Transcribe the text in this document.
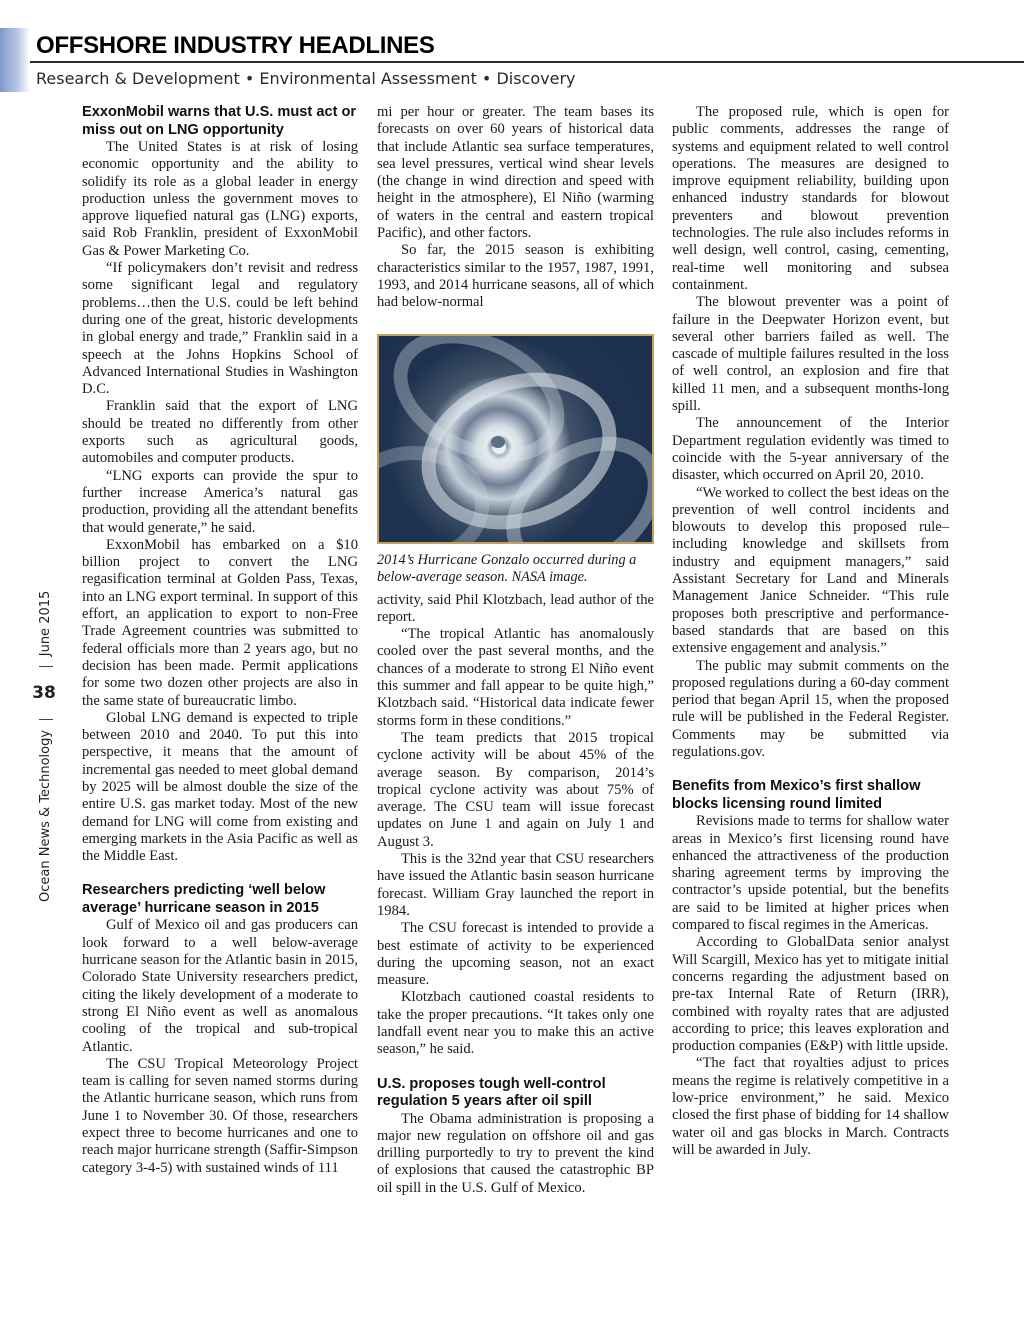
OFFSHORE INDUSTRY HEADLINES
Research & Development • Environmental Assessment • Discovery
Ocean News & Technology38June 2015
ExxonMobil warns that U.S. must act or miss out on LNG opportunity

The United States is at risk of losing economic opportunity and the ability to solidify its role as a global leader in energy production unless the government moves to approve liquefied natural gas (LNG) exports, said Rob Franklin, president of ExxonMobil Gas & Power Marketing Co.

“If policymakers don’t revisit and redress some significant legal and regulatory problems…then the U.S. could be left behind during one of the great, historic developments in global energy and trade,” Franklin said in a speech at the Johns Hopkins School of Advanced International Studies in Washington D.C.

Franklin said that the export of LNG should be treated no differently from other exports such as agricultural goods, automobiles and computer products.

“LNG exports can provide the spur to further increase America’s natural gas production, providing all the attendant benefits that would generate,” he said.

ExxonMobil has embarked on a $10 billion project to convert the LNG regasification terminal at Golden Pass, Texas, into an LNG export terminal. In support of this effort, an application to export to non-Free Trade Agreement countries was submitted to federal officials more than 2 years ago, but no decision has been made. Permit applications for some two dozen other projects are also in the same state of bureaucratic limbo.

Global LNG demand is expected to triple between 2010 and 2040. To put this into perspective, it means that the amount of incremental gas needed to meet global demand by 2025 will be almost double the size of the entire U.S. gas market today. Most of the new demand for LNG will come from existing and emerging markets in the Asia Pacific as well as the Middle East.

Researchers predicting ‘well below average’ hurricane season in 2015

Gulf of Mexico oil and gas producers can look forward to a well below-average hurricane season for the Atlantic basin in 2015, Colorado State University researchers predict, citing the likely development of a moderate to strong El Niño event as well as anomalous cooling of the tropical and sub-tropical Atlantic.

The CSU Tropical Meteorology Project team is calling for seven named storms during the Atlantic hurricane season, which runs from June 1 to November 30. Of those, researchers expect three to become hurricanes and one to reach major hurricane strength (Saffir-Simpson category 3-4-5) with sustained winds of 111

mi per hour or greater. The team bases its forecasts on over 60 years of historical data that include Atlantic sea surface temperatures, sea level pressures, vertical wind shear levels (the change in wind direction and speed with height in the atmosphere), El Niño (warming of waters in the central and eastern tropical Pacific), and other factors.

So far, the 2015 season is exhibiting characteristics similar to the 1957, 1987, 1991, 1993, and 2014 hurricane seasons, all of which had below-normal

2014’s Hurricane Gonzalo occurred during a below-average season. NASA image.

activity, said Phil Klotzbach, lead author of the report.

“The tropical Atlantic has anomalously cooled over the past several months, and the chances of a moderate to strong El Niño event this summer and fall appear to be quite high,” Klotzbach said. “Historical data indicate fewer storms form in these conditions.”

The team predicts that 2015 tropical cyclone activity will be about 45% of the average season. By comparison, 2014’s tropical cyclone activity was about 75% of average. The CSU team will issue forecast updates on June 1 and again on July 1 and August 3.

This is the 32nd year that CSU researchers have issued the Atlantic basin season hurricane forecast. William Gray launched the report in 1984.

The CSU forecast is intended to provide a best estimate of activity to be experienced during the upcoming season, not an exact measure.

Klotzbach cautioned coastal residents to take the proper precautions. “It takes only one landfall event near you to make this an active season,” he said.

U.S. proposes tough well-control regulation 5 years after oil spill

The Obama administration is proposing a major new regulation on offshore oil and gas drilling purportedly to try to prevent the kind of explosions that caused the catastrophic BP oil spill in the U.S. Gulf of Mexico.

The proposed rule, which is open for public comments, addresses the range of systems and equipment related to well control operations. The measures are designed to improve equipment reliability, building upon enhanced industry standards for blowout preventers and blowout prevention technologies. The rule also includes reforms in well design, well control, casing, cementing, real-time well monitoring and subsea containment.

The blowout preventer was a point of failure in the Deepwater Horizon event, but several other barriers failed as well. The cascade of multiple failures resulted in the loss of well control, an explosion and fire that killed 11 men, and a subsequent months-long spill.

The announcement of the Interior Department regulation evidently was timed to coincide with the 5-year anniversary of the disaster, which occurred on April 20, 2010.

“We worked to collect the best ideas on the prevention of well control incidents and blowouts to develop this proposed rule–including knowledge and skillsets from industry and equipment managers,” said Assistant Secretary for Land and Minerals Management Janice Schneider. “This rule proposes both prescriptive and performance-based standards that are based on this extensive engagement and analysis.”

The public may submit comments on the proposed regulations during a 60-day comment period that began April 15, when the proposed rule will be published in the Federal Register. Comments may be submitted via regulations.gov.

Benefits from Mexico’s first shallow blocks licensing round limited

Revisions made to terms for shallow water areas in Mexico’s first licensing round have enhanced the attractiveness of the production sharing agreement terms by improving the contractor’s upside potential, but the benefits are said to be limited at higher prices when compared to fiscal regimes in the Americas.

According to GlobalData senior analyst Will Scargill, Mexico has yet to mitigate initial concerns regarding the adjustment based on pre-tax Internal Rate of Return (IRR), combined with royalty rates that are adjusted according to price; this leaves exploration and production companies (E&P) with little upside.

“The fact that royalties adjust to prices means the regime is relatively competitive in a low-price environment,” he said. Mexico closed the first phase of bidding for 14 shallow water oil and gas blocks in March. Contracts will be awarded in July.
